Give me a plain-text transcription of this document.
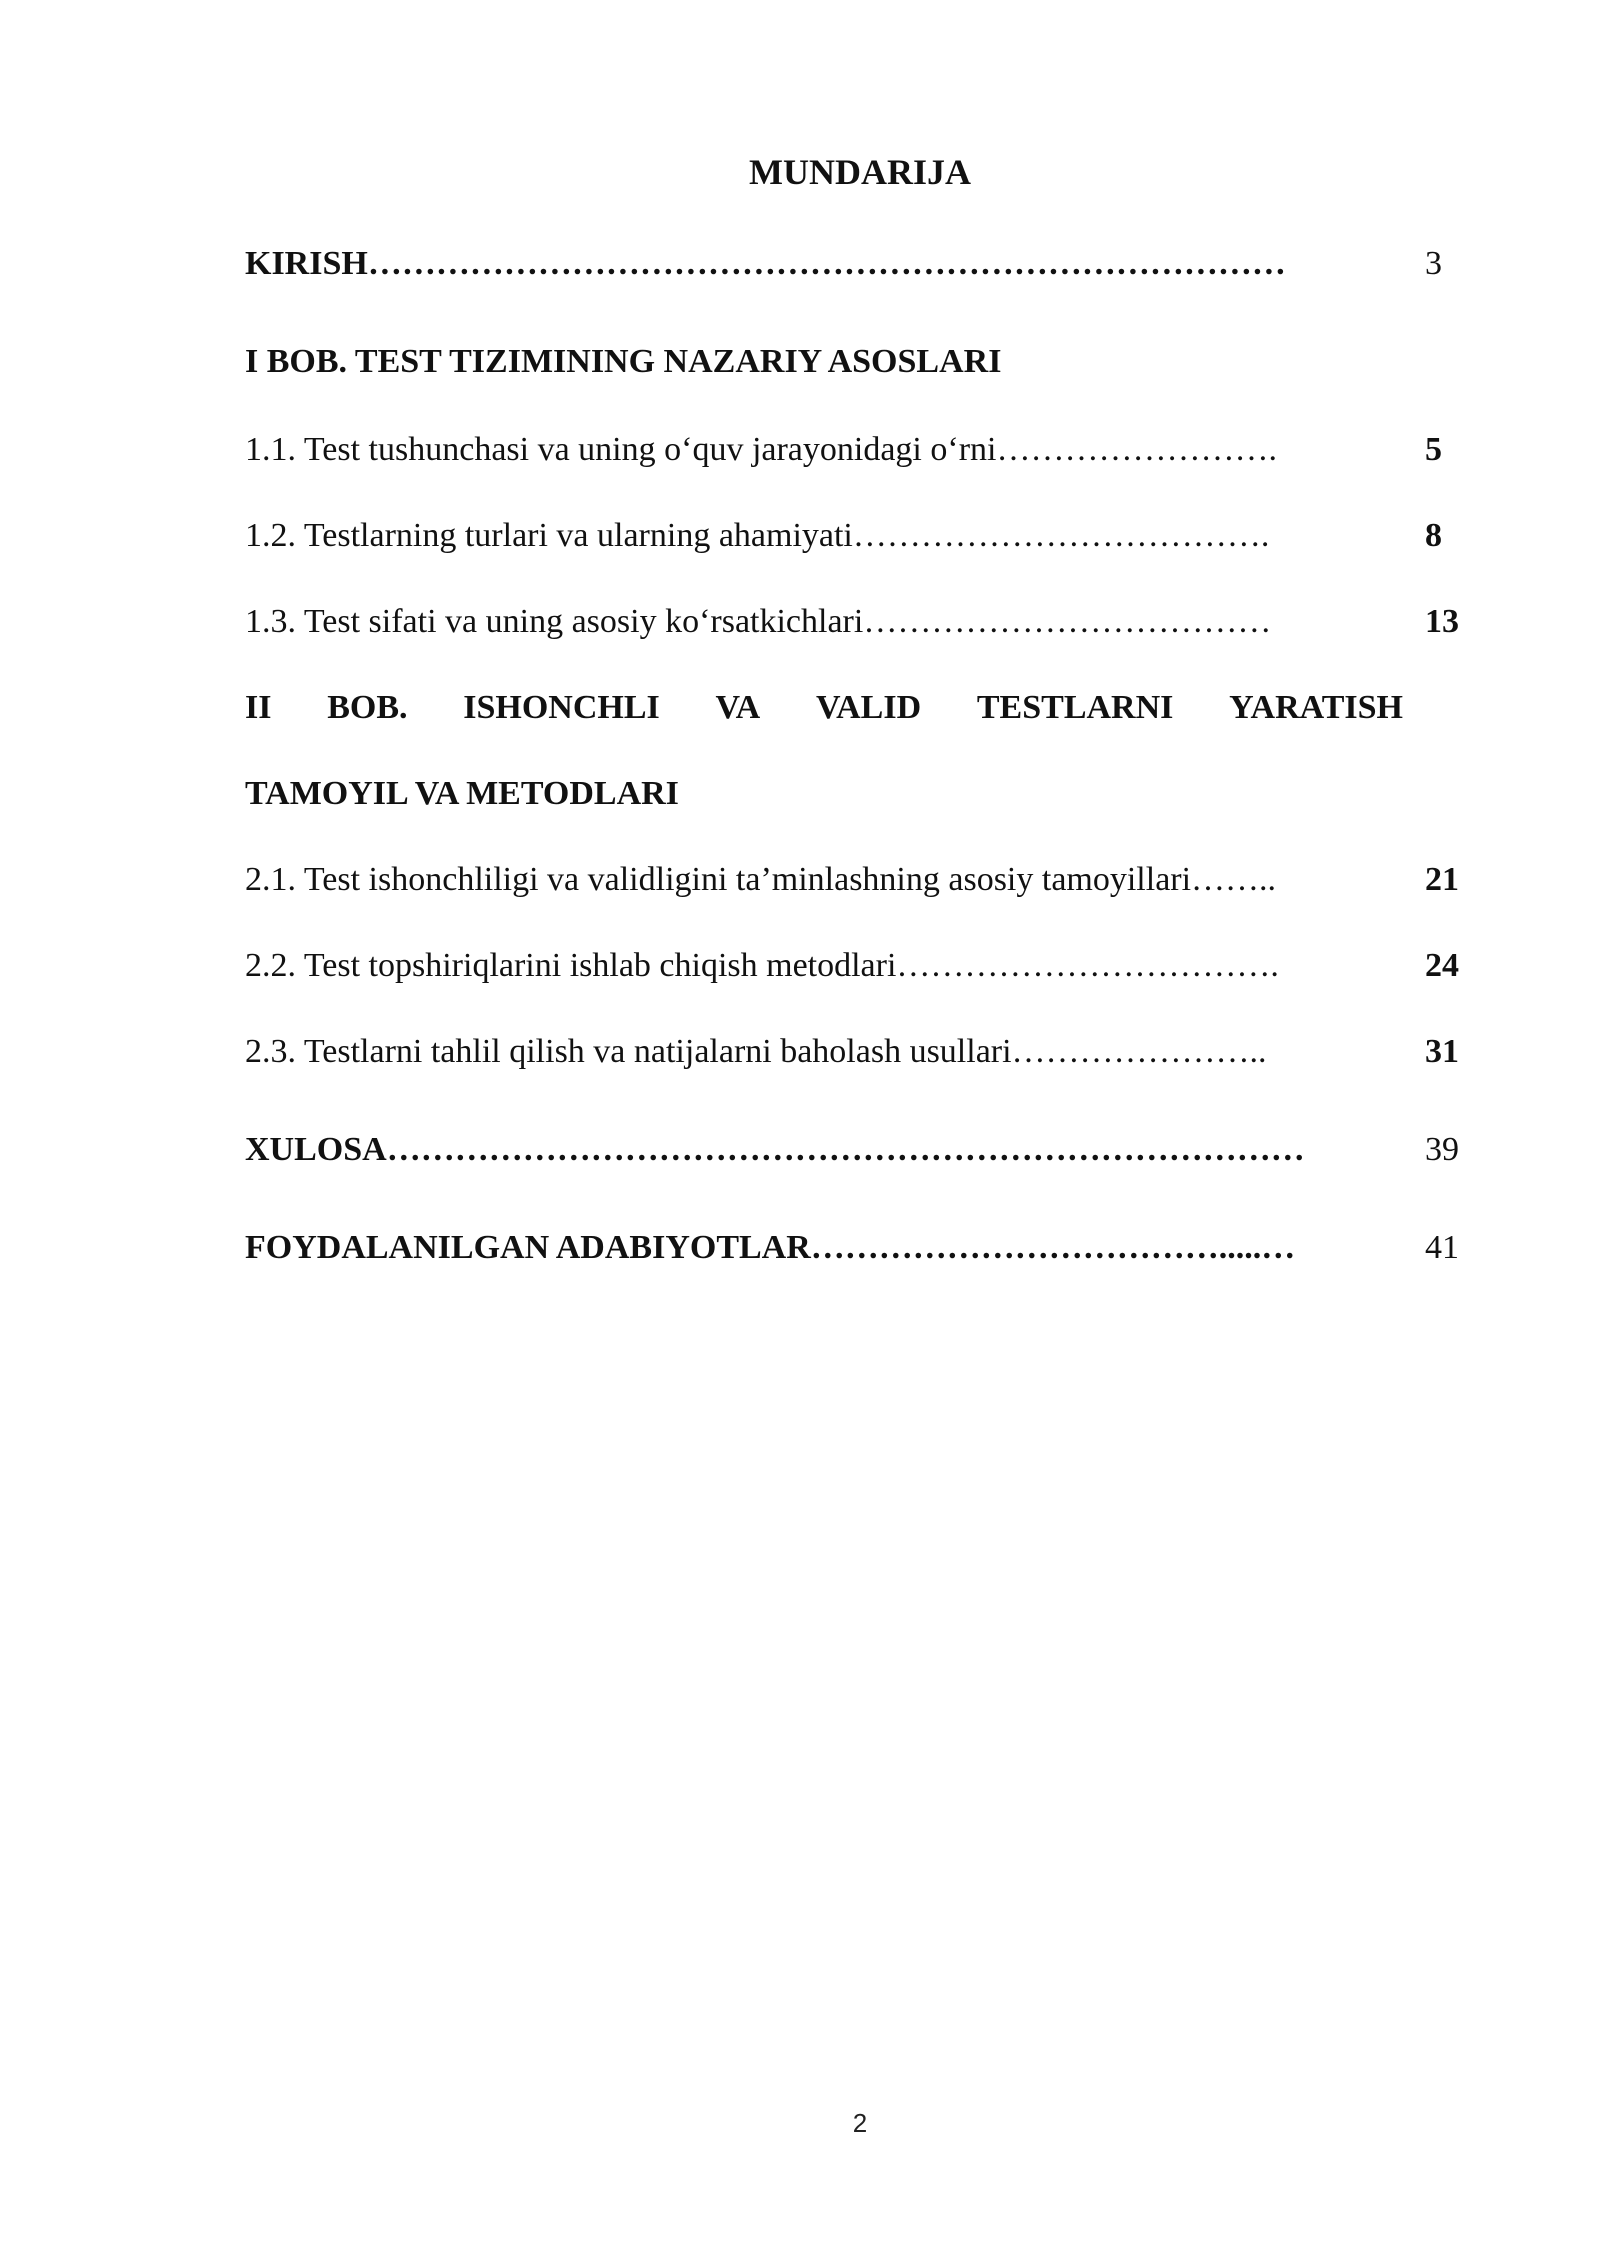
MUNDARIJA
KIRISH………………………………………………………………………	3
I BOB. TEST TIZIMINING NAZARIY ASOSLARI
1.1. Test tushunchasi va uning o‘quv jarayonidagi o‘rni…………………….	5
1.2. Testlarning turlari va ularning ahamiyati……………………………….	8
1.3. Test sifati va uning asosiy ko‘rsatkichlari………………………………	13
II BOB. ISHONCHLI VA VALID TESTLARNI YARATISH
TAMOYIL VA METODLARI
2.1. Test ishonchliligi va validligini ta’minlashning asosiy tamoyillari……..	21
2.2. Test topshiriqlarini ishlab chiqish metodlari…………………………….	24
2.3. Testlarni tahlil qilish va natijalarni baholash usullari…………………..	31
XULOSA………………………………………………………………………	39
FOYDALANILGAN ADABIYOTLAR……………………………….....…	41
2
